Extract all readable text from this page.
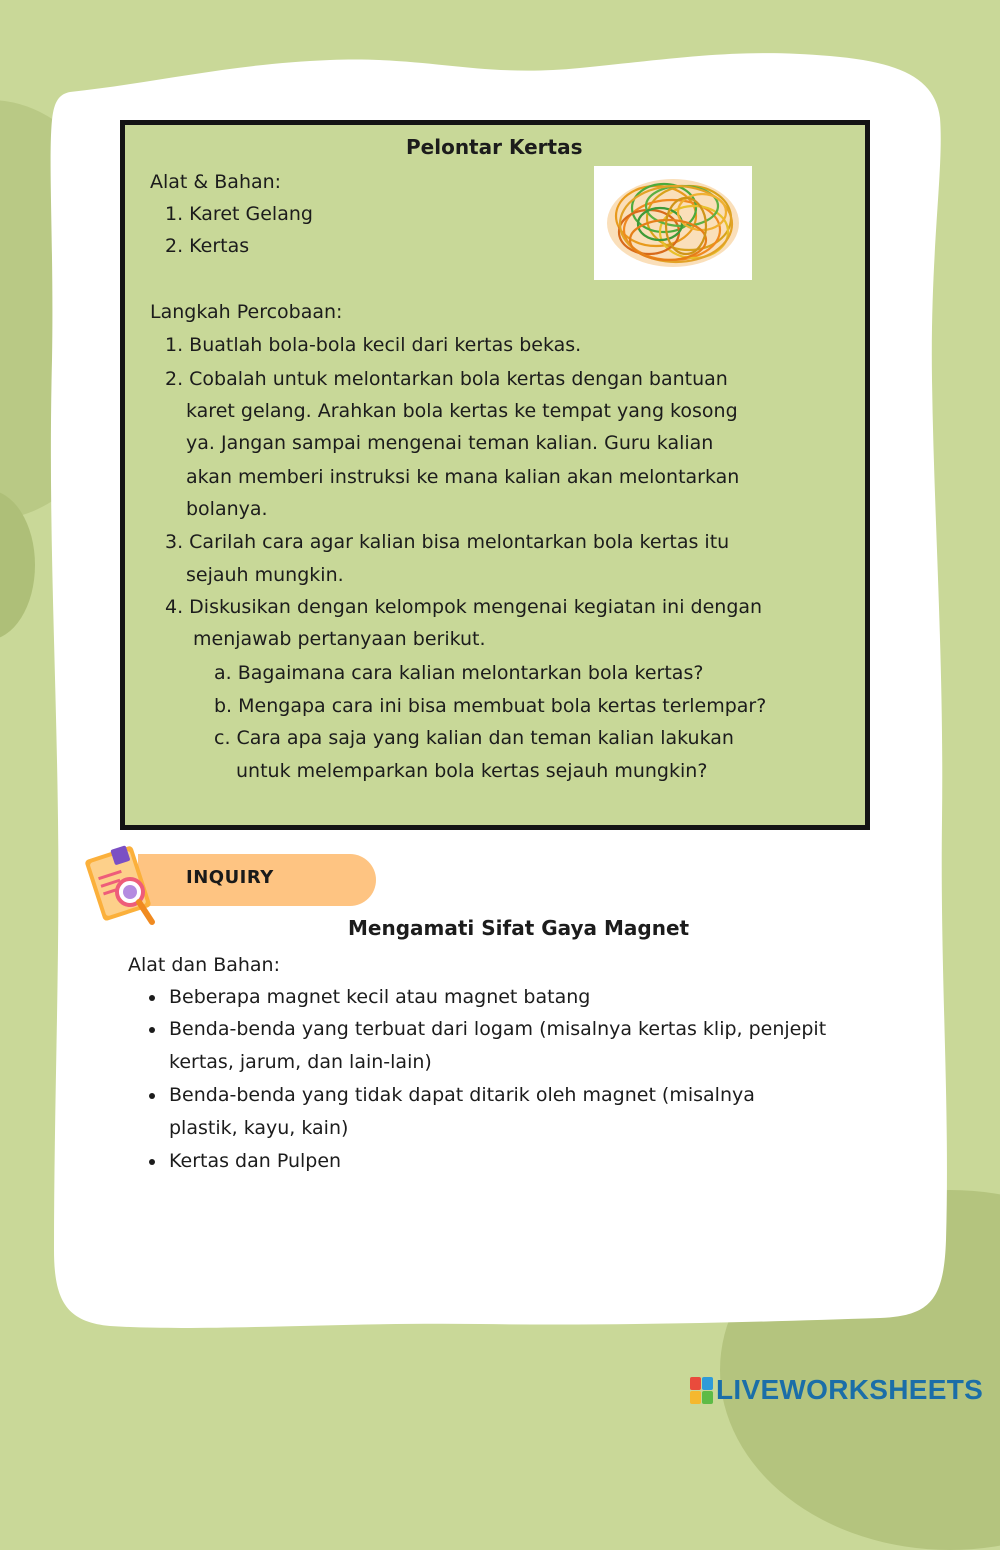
Pelontar Kertas
Alat & Bahan:
1. Karet Gelang
2. Kertas
Langkah Percobaan:
1. Buatlah bola-bola kecil dari kertas bekas.
2. Cobalah untuk melontarkan bola kertas dengan bantuan
karet gelang. Arahkan bola kertas ke tempat yang kosong
ya. Jangan sampai mengenai teman kalian. Guru kalian
akan memberi instruksi ke mana kalian akan melontarkan
bolanya.
3. Carilah cara agar kalian bisa melontarkan bola kertas itu
sejauh mungkin.
4. Diskusikan dengan kelompok mengenai kegiatan ini dengan
menjawab pertanyaan berikut.
a. Bagaimana cara kalian melontarkan bola kertas?
b. Mengapa cara ini bisa membuat bola kertas terlempar?
c. Cara apa saja yang kalian dan teman kalian lakukan
untuk melemparkan bola kertas sejauh mungkin?
INQUIRY
Mengamati Sifat Gaya Magnet
Alat dan Bahan:
Beberapa magnet kecil atau magnet batang
Benda-benda yang terbuat dari logam (misalnya kertas klip, penjepit
kertas, jarum, dan lain-lain)
Benda-benda yang tidak dapat ditarik oleh magnet (misalnya
plastik, kayu, kain)
Kertas dan Pulpen
LIVEWORKSHEETS
